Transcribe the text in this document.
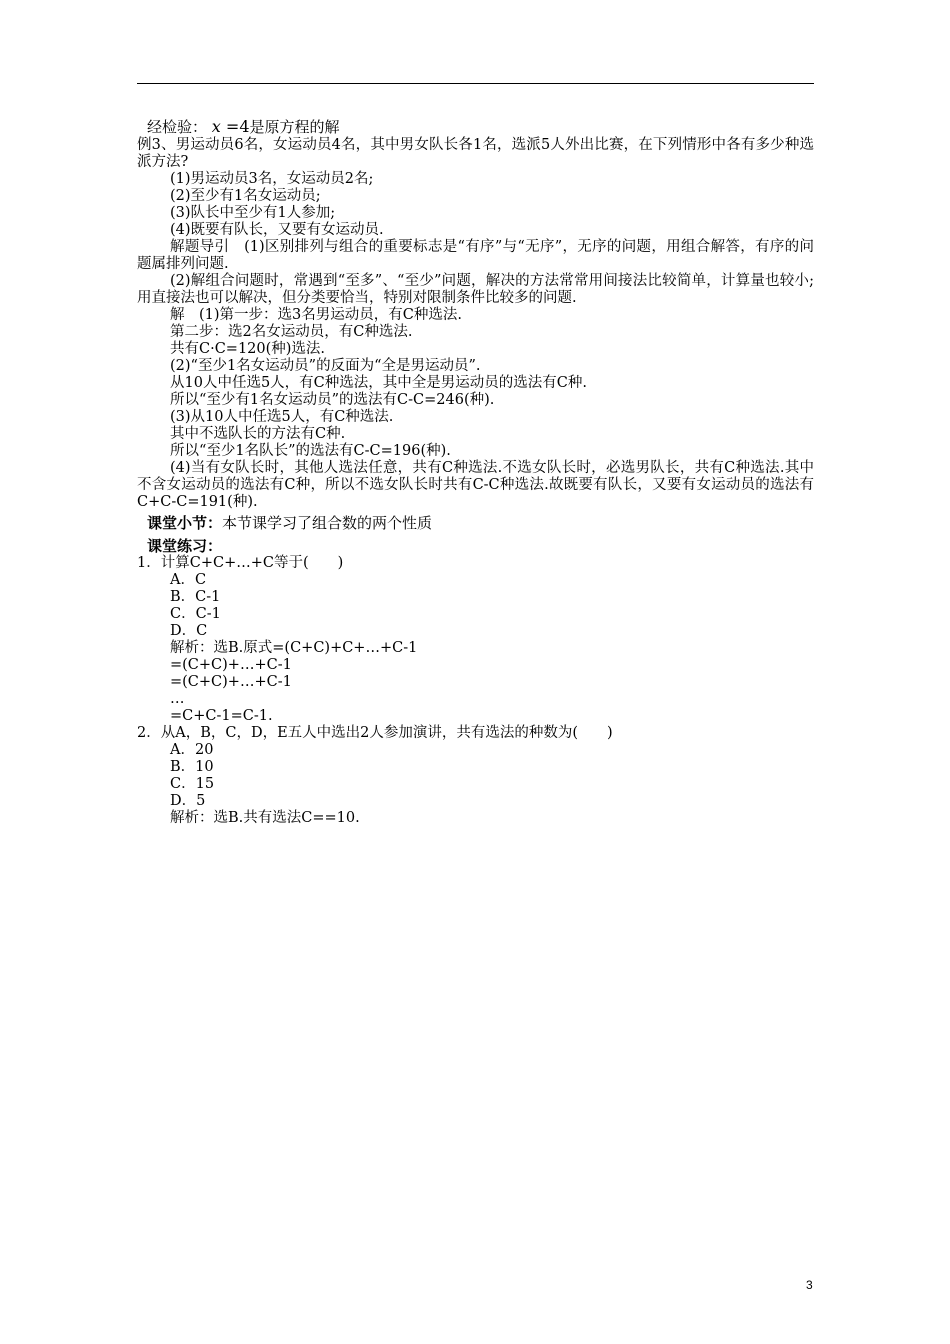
经检验： x =4是原方程的解
例3、男运动员6名，女运动员4名，其中男女队长各1名，选派5人外出比赛，在下列情形中各有多少种选派方法?
(1)男运动员3名，女运动员2名;
(2)至少有1名女运动员;
(3)队长中至少有1人参加;
(4)既要有队长，又要有女运动员.
解题导引　(1)区别排列与组合的重要标志是“有序”与“无序”，无序的问题，用组合解答，有序的问题属排列问题.
(2)解组合问题时，常遇到“至多”、“至少”问题，解决的方法常常用间接法比较简单，计算量也较小;用直接法也可以解决，但分类要恰当，特别对限制条件比较多的问题.
解　(1)第一步：选3名男运动员，有C种选法.
第二步：选2名女运动员，有C种选法.
共有C·C=120(种)选法.
(2)“至少1名女运动员”的反面为“全是男运动员”.
从10人中任选5人，有C种选法，其中全是男运动员的选法有C种.
所以“至少有1名女运动员”的选法有C-C=246(种).
(3)从10人中任选5人，有C种选法.
其中不选队长的方法有C种.
所以“至少1名队长”的选法有C-C=196(种).
(4)当有女队长时，其他人选法任意，共有C种选法.不选女队长时，必选男队长，共有C种选法.其中不含女运动员的选法有C种，所以不选女队长时共有C-C种选法.故既要有队长，又要有女运动员的选法有C+C-C=191(种).
课堂小节：本节课学习了组合数的两个性质
课堂练习：
1．计算C+C+…+C等于(　　)
A．C
B．C-1
C．C-1
D．C
解析：选B.原式=(C+C)+C+…+C-1
=(C+C)+…+C-1
=(C+C)+…+C-1
…
=C+C-1=C-1.
2．从A，B，C，D，E五人中选出2人参加演讲，共有选法的种数为(　　)
A．20
B．10
C．15
D．5
解析：选B.共有选法C==10.
3
